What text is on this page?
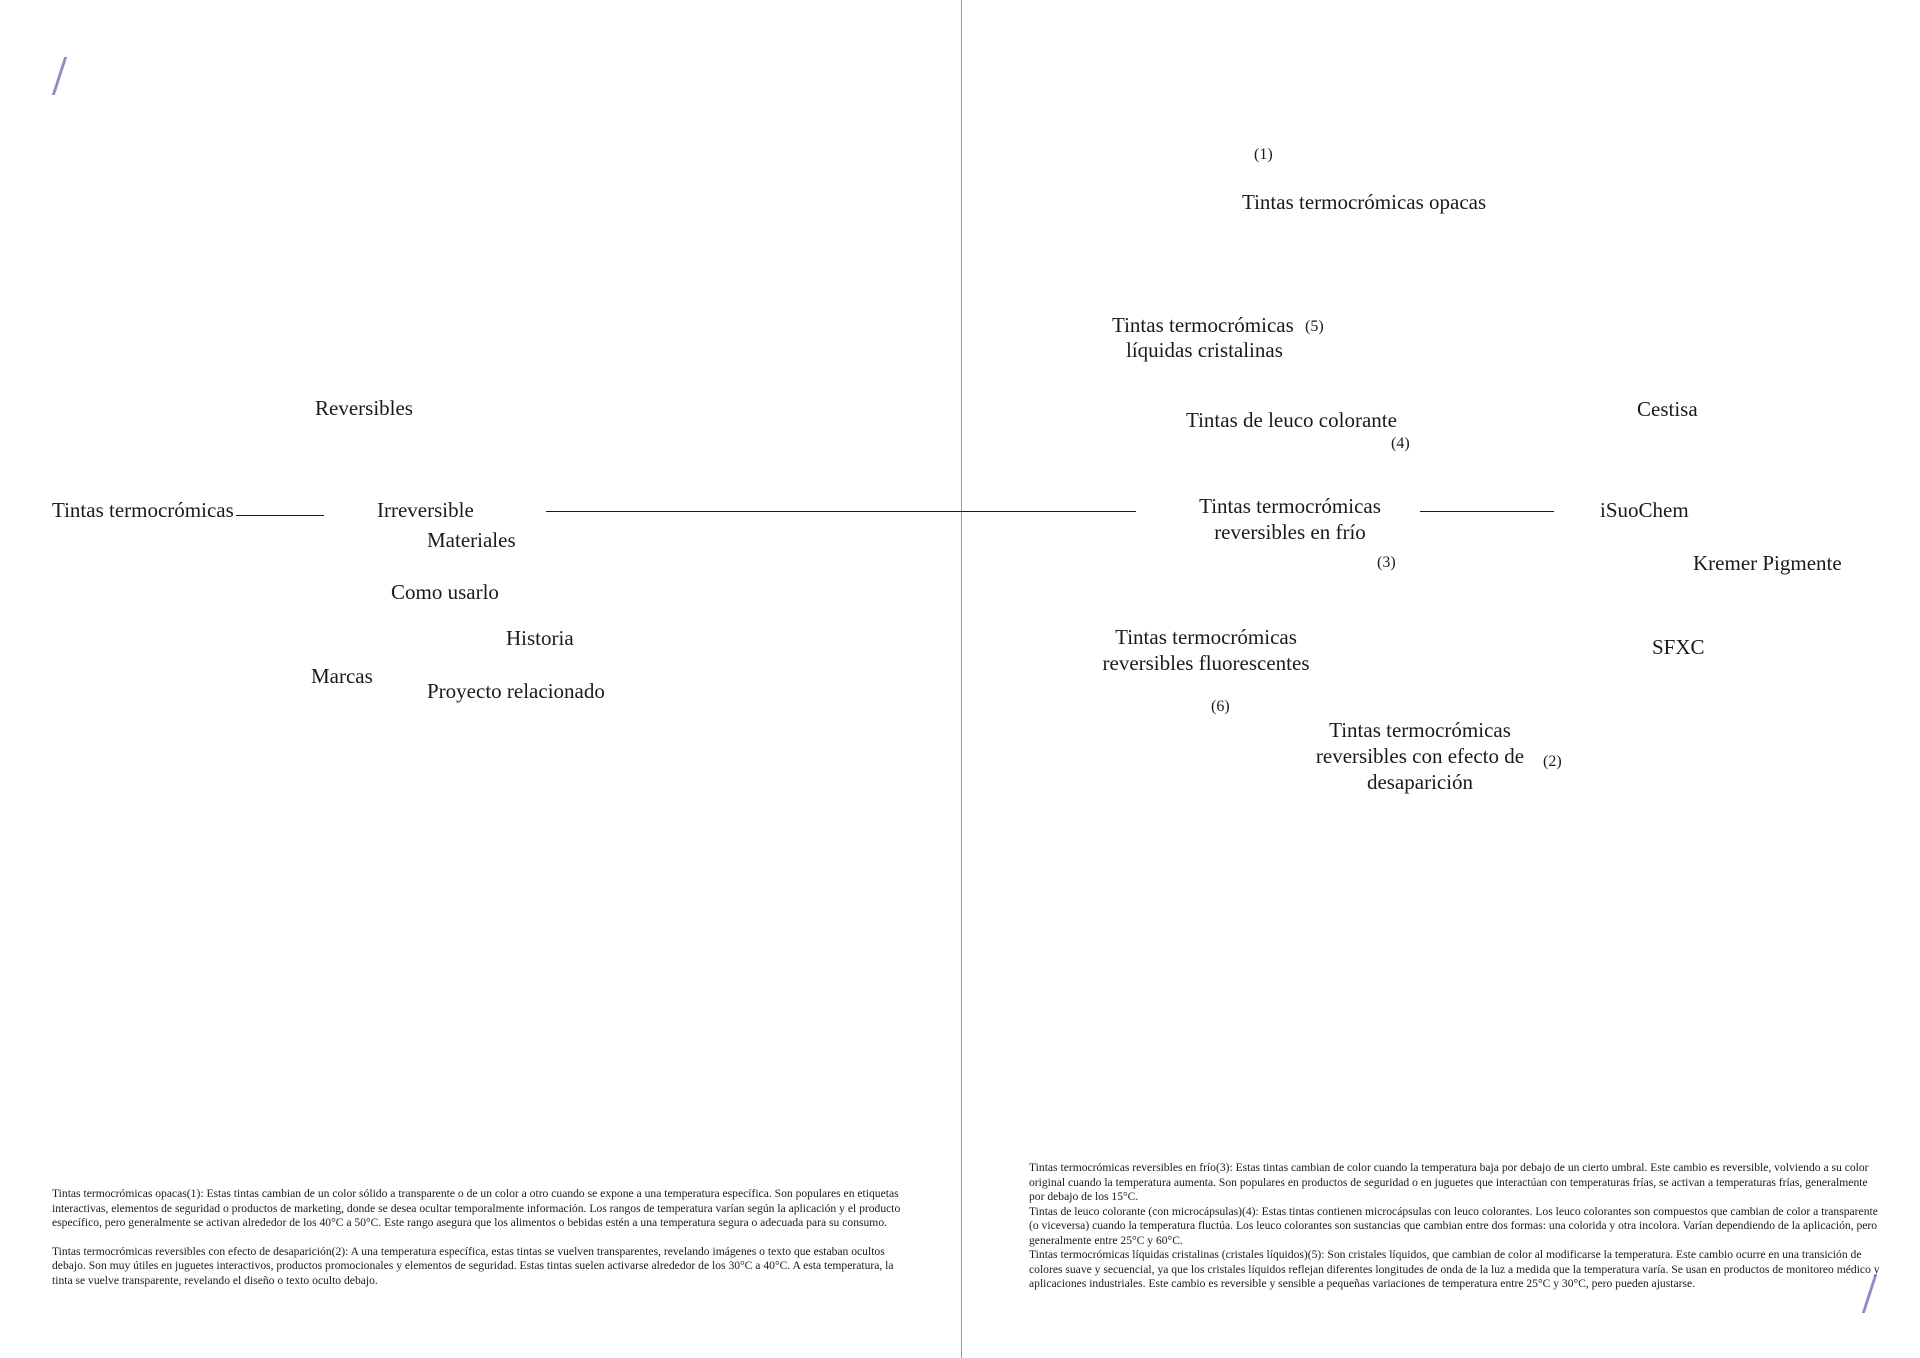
Tintas termocrómicas
Reversibles
Irreversible
Materiales
Como usarlo
Historia
Marcas
Proyecto relacionado
(1)
Tintas termocrómicas opacas
Tintas termocrómicas (5)
líquidas cristalinas
Tintas de leuco colorante
(4)
Tintas termocrómicas
reversibles en frío
(3)
Tintas termocrómicas
reversibles fluorescentes
(6)
Tintas termocrómicas
reversibles con efecto de
desaparición
(2)
Cestisa
iSuoChem
Kremer Pigmente
SFXC

Tintas termocrómicas opacas(1): Estas tintas cambian de un color sólido a transparente o de un color a otro cuando se expone a una temperatura específica. Son populares en etiquetas interactivas, elementos de seguridad o productos de marketing, donde se desea ocultar temporalmente información. Los rangos de temperatura varían según la aplicación y el producto específico, pero generalmente se activan alrededor de los 40°C a 50°C. Este rango asegura que los alimentos o bebidas estén a una temperatura segura o adecuada para su consumo.

Tintas termocrómicas reversibles con efecto de desaparición(2): A una temperatura específica, estas tintas se vuelven transparentes, revelando imágenes o texto que estaban ocultos debajo. Son muy útiles en juguetes interactivos, productos promocionales y elementos de seguridad. Estas tintas suelen activarse alrededor de los 30°C a 40°C. A esta temperatura, la tinta se vuelve transparente, revelando el diseño o texto oculto debajo.

Tintas termocrómicas reversibles en frío(3): Estas tintas cambian de color cuando la temperatura baja por debajo de un cierto umbral. Este cambio es reversible, volviendo a su color original cuando la temperatura aumenta. Son populares en productos de seguridad o en juguetes que interactúan con temperaturas frías, se activan a temperaturas frías, generalmente por debajo de los 15°C.

Tintas de leuco colorante (con microcápsulas)(4): Estas tintas contienen microcápsulas con leuco colorantes. Los leuco colorantes son compuestos que cambian de color a transparente (o viceversa) cuando la temperatura fluctúa. Los leuco colorantes son sustancias que cambian entre dos formas: una colorida y otra incolora. Varían dependiendo de la aplicación, pero generalmente entre 25°C y 60°C.

Tintas termocrómicas líquidas cristalinas (cristales líquidos)(5): Son cristales líquidos, que cambian de color al modificarse la temperatura. Este cambio ocurre en una transición de colores suave y secuencial, ya que los cristales líquidos reflejan diferentes longitudes de onda de la luz a medida que la temperatura varía. Se usan en productos de monitoreo médico y aplicaciones industriales. Este cambio es reversible y sensible a pequeñas variaciones de temperatura entre 25°C y 30°C, pero pueden ajustarse.
